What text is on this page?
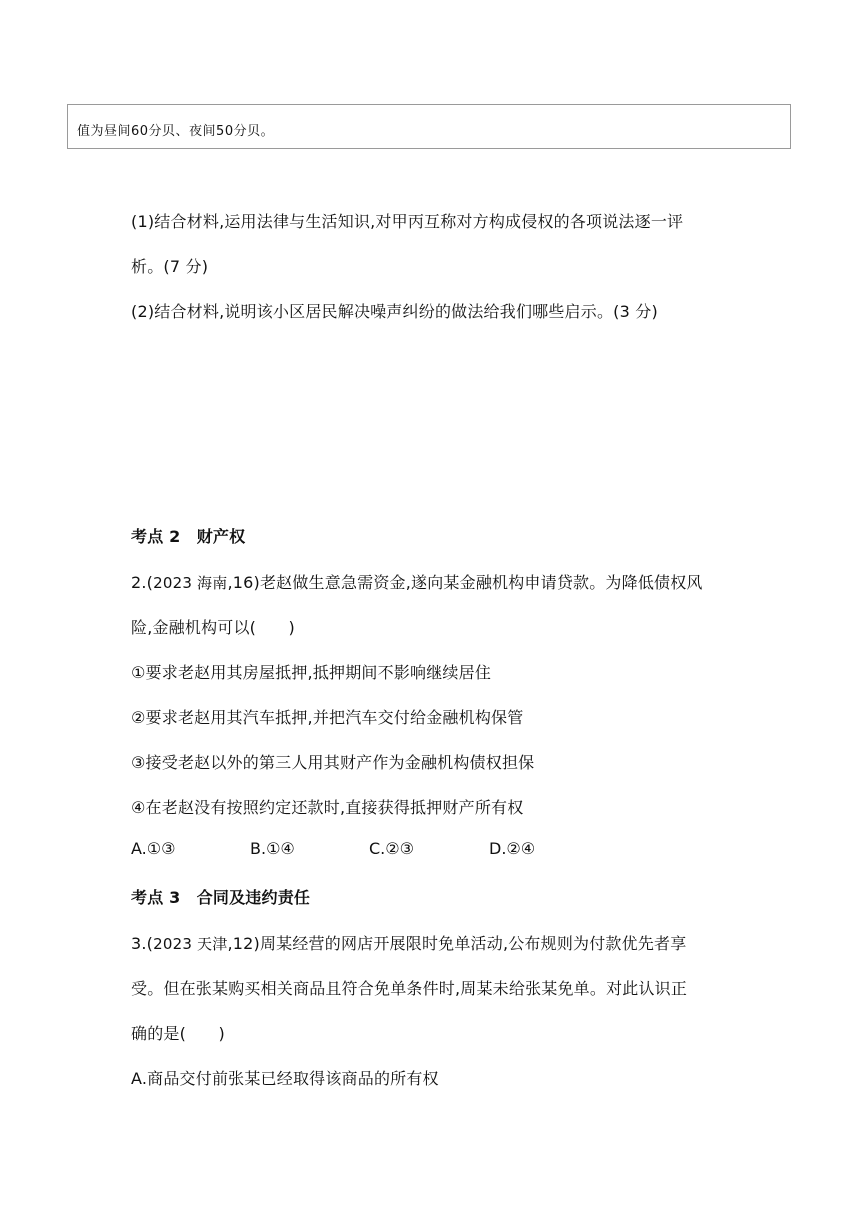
值为昼间60分贝、夜间50分贝。
(1)结合材料,运用法律与生活知识,对甲丙互称对方构成侵权的各项说法逐一评
析。(7 分)
(2)结合材料,说明该小区居民解决噪声纠纷的做法给我们哪些启示。(3 分)
考点 2　财产权
2.(2023 海南,16)老赵做生意急需资金,遂向某金融机构申请贷款。为降低债权风
险,金融机构可以(　　)
①要求老赵用其房屋抵押,抵押期间不影响继续居住
②要求老赵用其汽车抵押,并把汽车交付给金融机构保管
③接受老赵以外的第三人用其财产作为金融机构债权担保
④在老赵没有按照约定还款时,直接获得抵押财产所有权
A.①③	B.①④	C.②③	D.②④
考点 3　合同及违约责任
3.(2023 天津,12)周某经营的网店开展限时免单活动,公布规则为付款优先者享
受。但在张某购买相关商品且符合免单条件时,周某未给张某免单。对此认识正
确的是(　　)
A.商品交付前张某已经取得该商品的所有权
